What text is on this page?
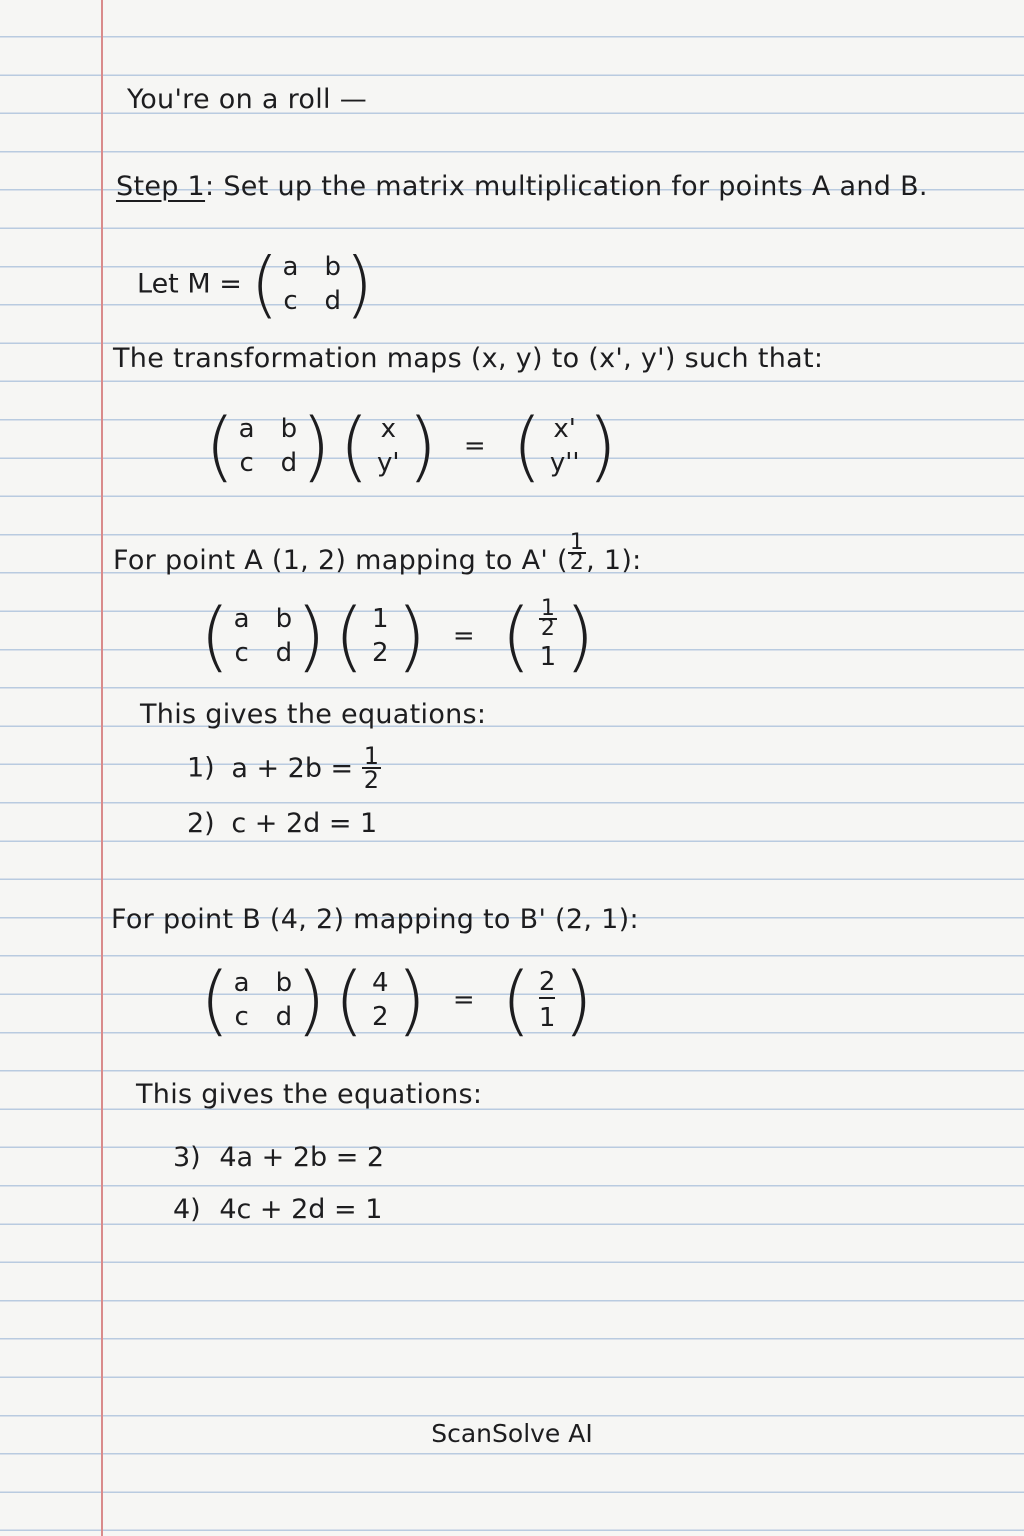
You're on a roll —
Step 1: Set up the matrix multiplication for points A and B.
Let M = ( a b
c d )
The transformation maps (x, y) to (x', y') such that:
( a b
c d )
( x
y' ) = ( x'
y'' )
For point A (1, 2) mapping to A' ( $\frac{1}{2}$ , 1):
( a b
c d )
( 1
2 ) = ( $\frac{1}{2}$
1 )
This gives the equations:
1) $a + 2b = \frac{1}{2}$
2) c + 2d = 1
For point B (4, 2) mapping to B' (2, 1):
( a b
c d )
( 4
2 ) = ( 2
1 )
This gives the equations:
3) 4a + 2b = 2
4) 4c + 2d = 1
ScanSolve AI
